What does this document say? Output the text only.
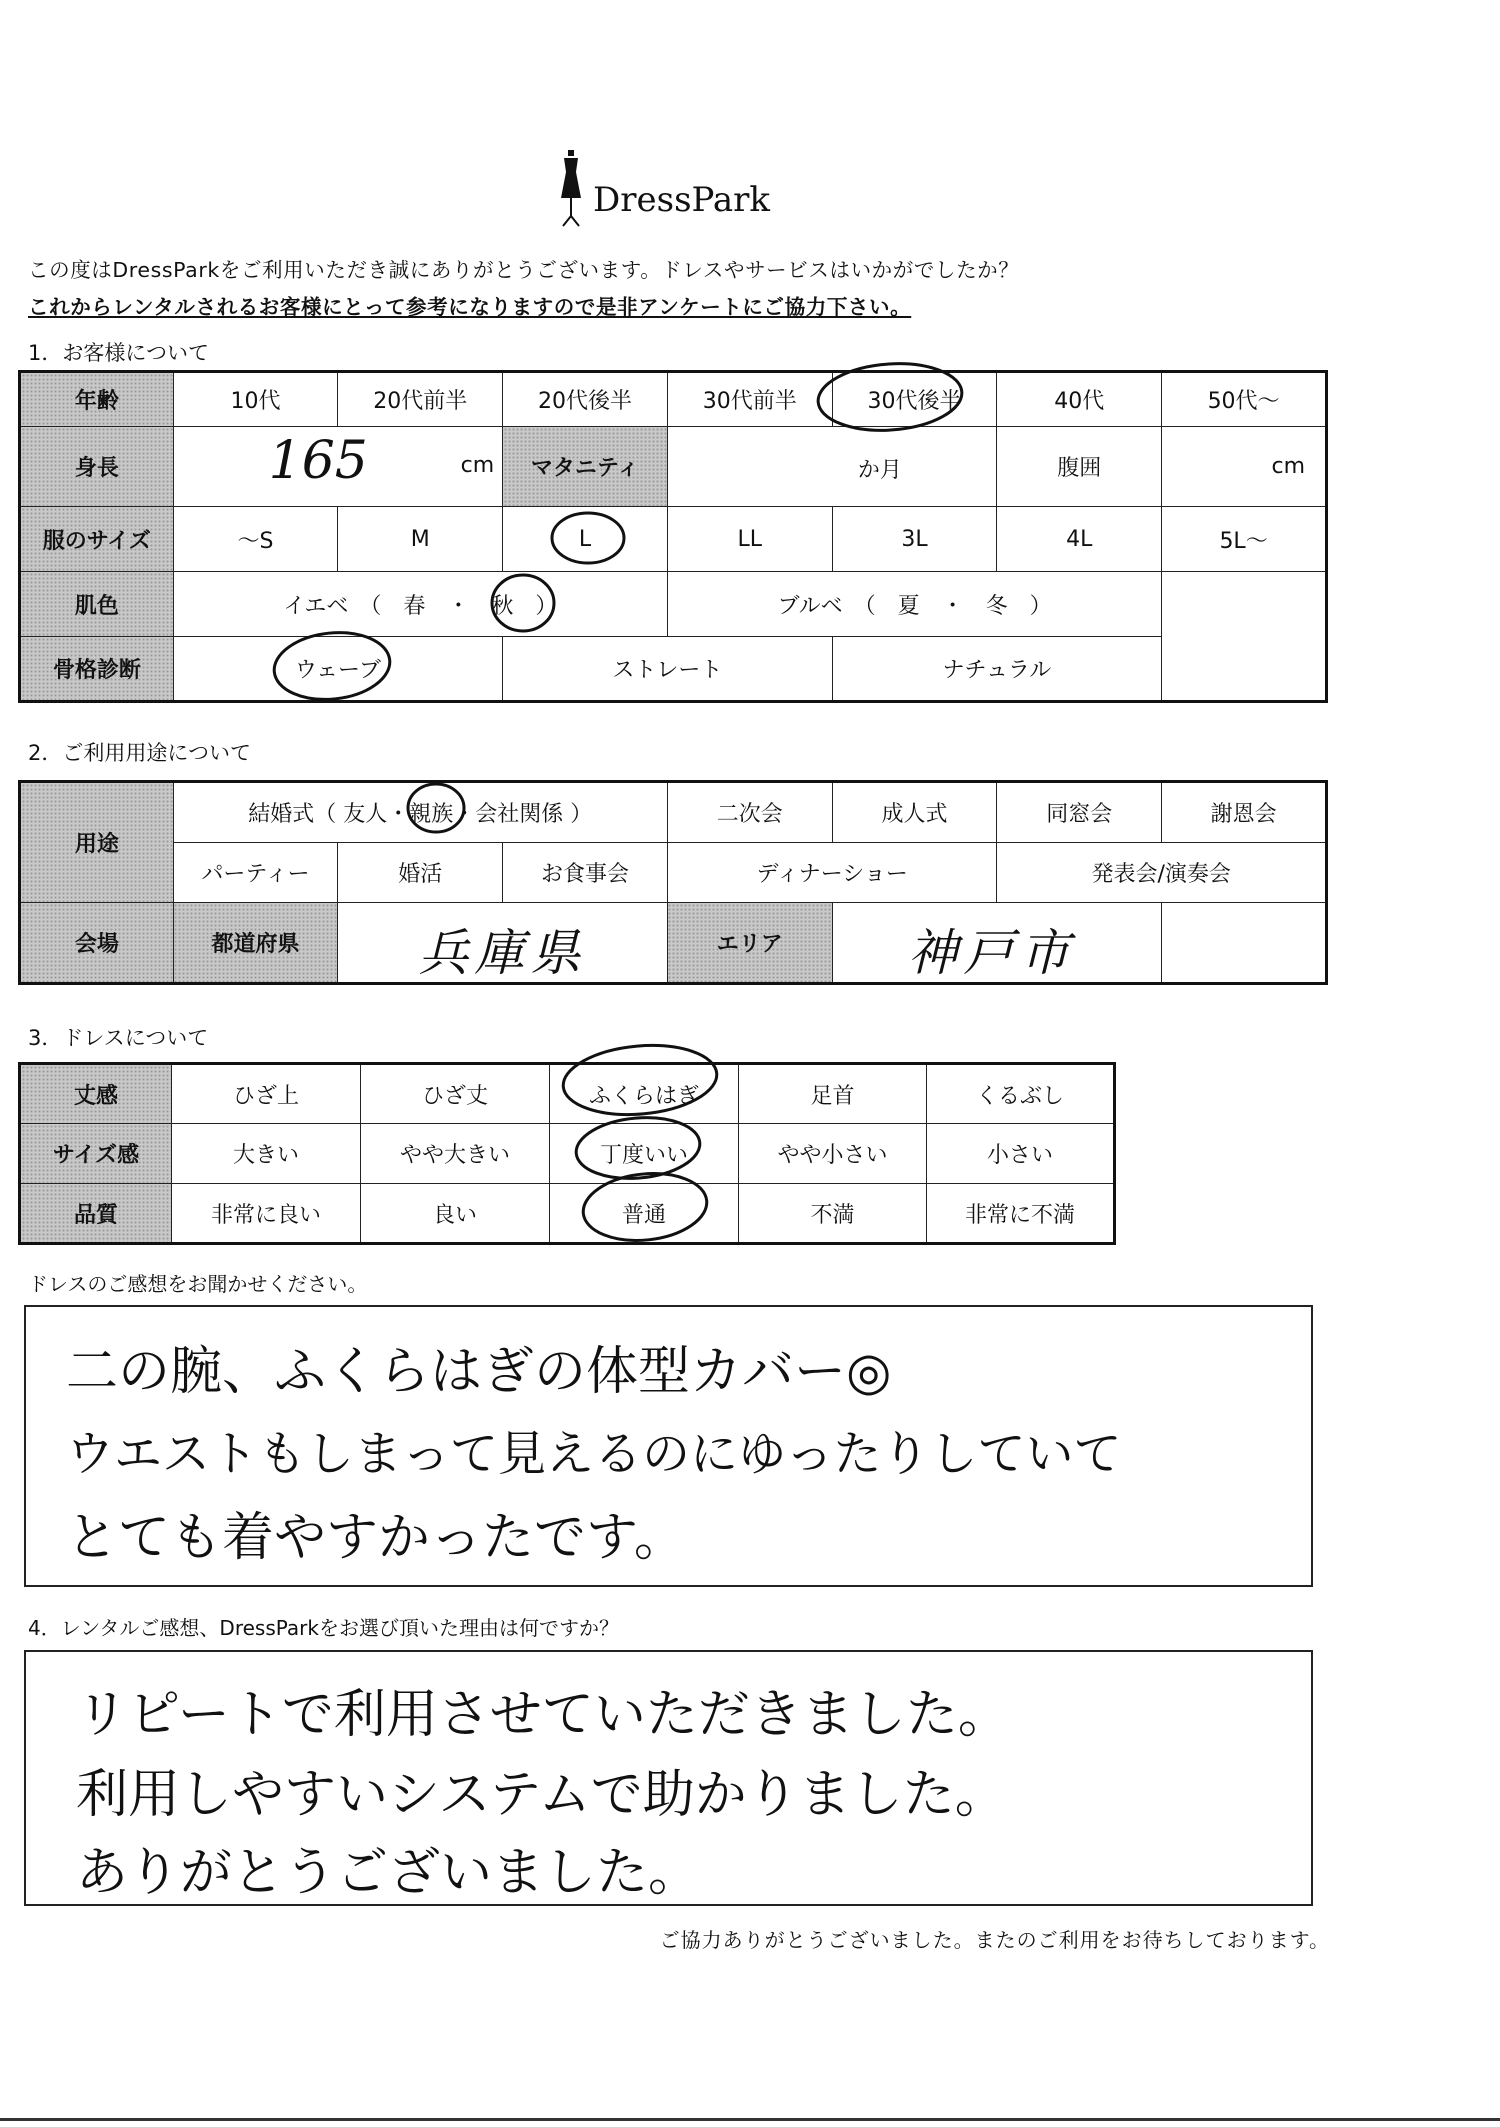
DressPark
この度はDressParkをご利用いただき誠にありがとうございます。ドレスやサービスはいかがでしたか？
これからレンタルされるお客様にとって参考になりますので是非アンケートにご協力下さい。
1．お客様について
年齢	10代	20代前半	20代後半	30代前半	30代後半	40代	50代～
身長	165 cm		マタニティ	か月		腹囲	cm
服のサイズ	～S	M	L	LL	3L	4L	5L～
肌色	イエベ　（　春　・　秋　）			ブルベ　（　夏　・　冬　）			
骨格診断	ウェーブ		ストレート		ナチュラル		
2．ご利用用途について
用途	結婚式（ 友人・親族・会社関係 ）			二次会	成人式	同窓会	謝恩会
	パーティー	婚活	お食事会	ディナーショー		発表会/演奏会	
会場	都道府県	兵庫県		エリア	神戸市		

3．ドレスについて
丈感	ひざ上	ひざ丈	ふくらはぎ	足首	くるぶし
サイズ感	大きい	やや大きい	丁度いい	やや小さい	小さい
品質	非常に良い	良い	普通	不満	非常に不満
ドレスのご感想をお聞かせください。
二の腕、ふくらはぎの体型カバー◎
ウエストもしまって見えるのにゆったりしていて
とても着やすかったです。
4．レンタルご感想、DressParkをお選び頂いた理由は何ですか？
リピートで利用させていただきました。
利用しやすいシステムで助かりました。
ありがとうございました。
ご協力ありがとうございました。またのご利用をお待ちしております。
